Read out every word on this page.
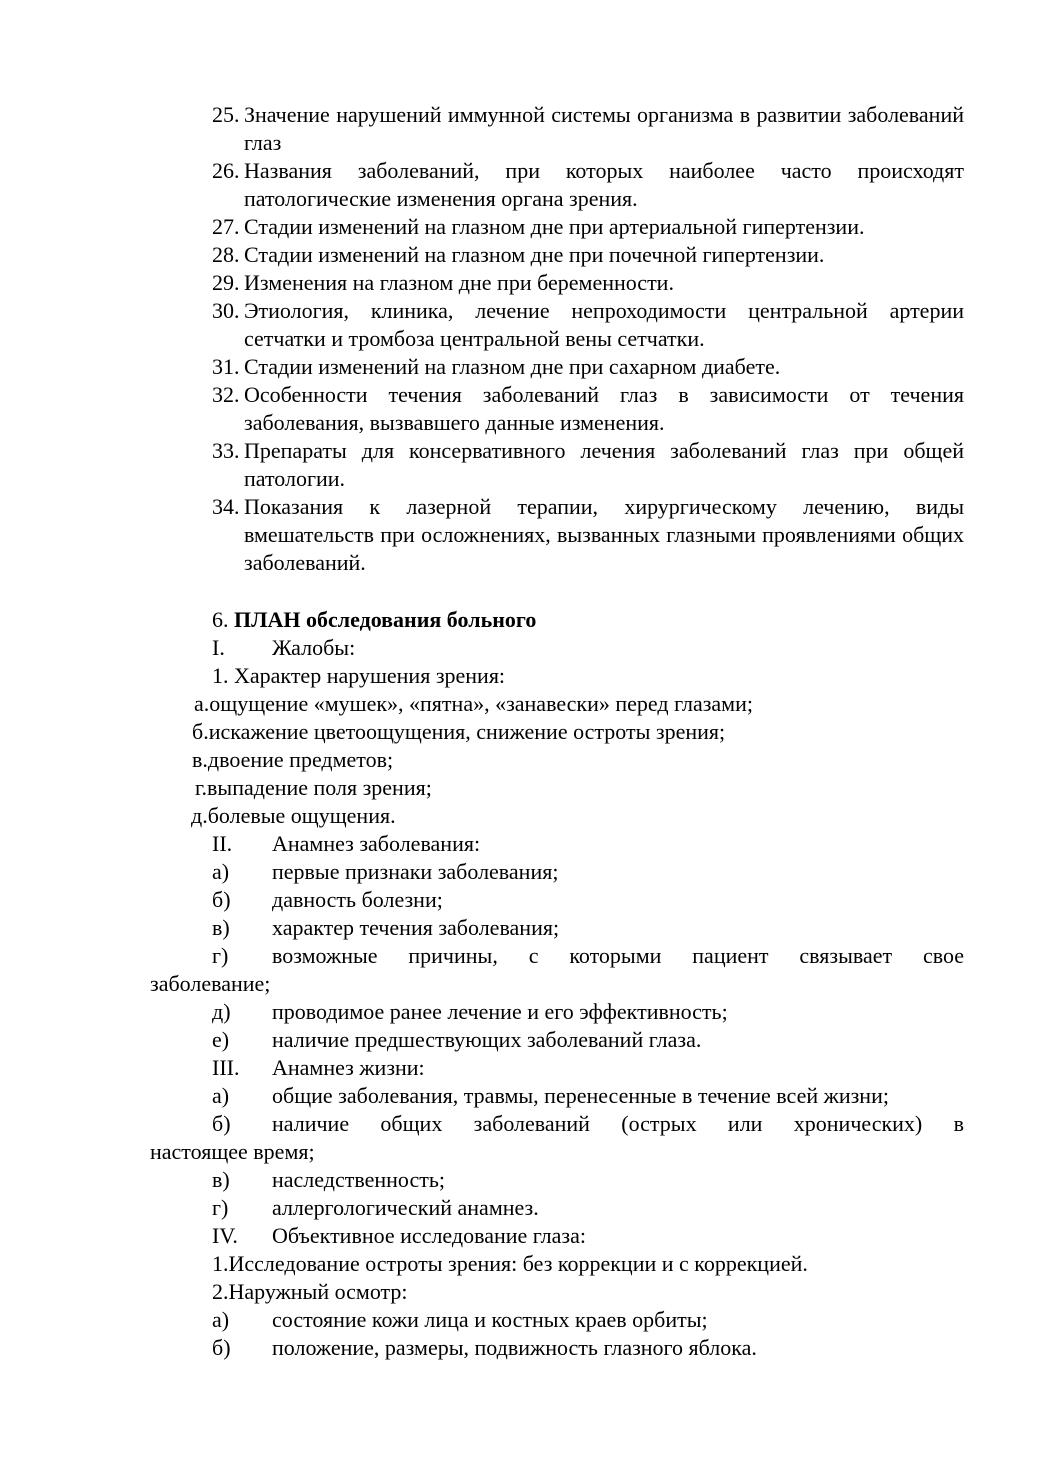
25. Значение нарушений иммунной системы организма в развитии заболеваний глаз
26. Названия заболеваний, при которых наиболее часто происходят патологические изменения органа зрения.
27. Стадии изменений на глазном дне при артериальной гипертензии.
28. Стадии изменений на глазном дне при почечной гипертензии.
29. Изменения на глазном дне при беременности.
30. Этиология, клиника, лечение непроходимости центральной артерии сетчатки и тромбоза центральной вены сетчатки.
31. Стадии изменений на глазном дне при сахарном диабете.
32. Особенности течения заболеваний глаз в зависимости от течения заболевания, вызвавшего данные изменения.
33. Препараты для консервативного лечения заболеваний глаз при общей патологии.
34. Показания к лазерной терапии, хирургическому лечению, виды вмешательств при осложнениях, вызванных глазными проявлениями общих заболеваний.
6. ПЛАН обследования больного
I. Жалобы:
1. Характер нарушения зрения:
а.ощущение «мушек», «пятна», «занавески» перед глазами;
б.искажение цветоощущения, снижение остроты зрения;
в.двоение предметов;
г.выпадение поля зрения;
д.болевые ощущения.
II. Анамнез заболевания:
а) первые признаки заболевания;
б) давность болезни;
в) характер течения заболевания;
г) возможные причины, с которыми пациент связывает свое
заболевание;
д) проводимое ранее лечение и его эффективность;
е) наличие предшествующих заболеваний глаза.
III. Анамнез жизни:
а) общие заболевания, травмы, перенесенные в течение всей жизни;
б) наличие общих заболеваний (острых или хронических) в
настоящее время;
в) наследственность;
г) аллергологический анамнез.
IV. Объективное исследование глаза:
1.Исследование остроты зрения: без коррекции и с коррекцией.
2.Наружный осмотр:
а) состояние кожи лица и костных краев орбиты;
б) положение, размеры, подвижность глазного яблока.
